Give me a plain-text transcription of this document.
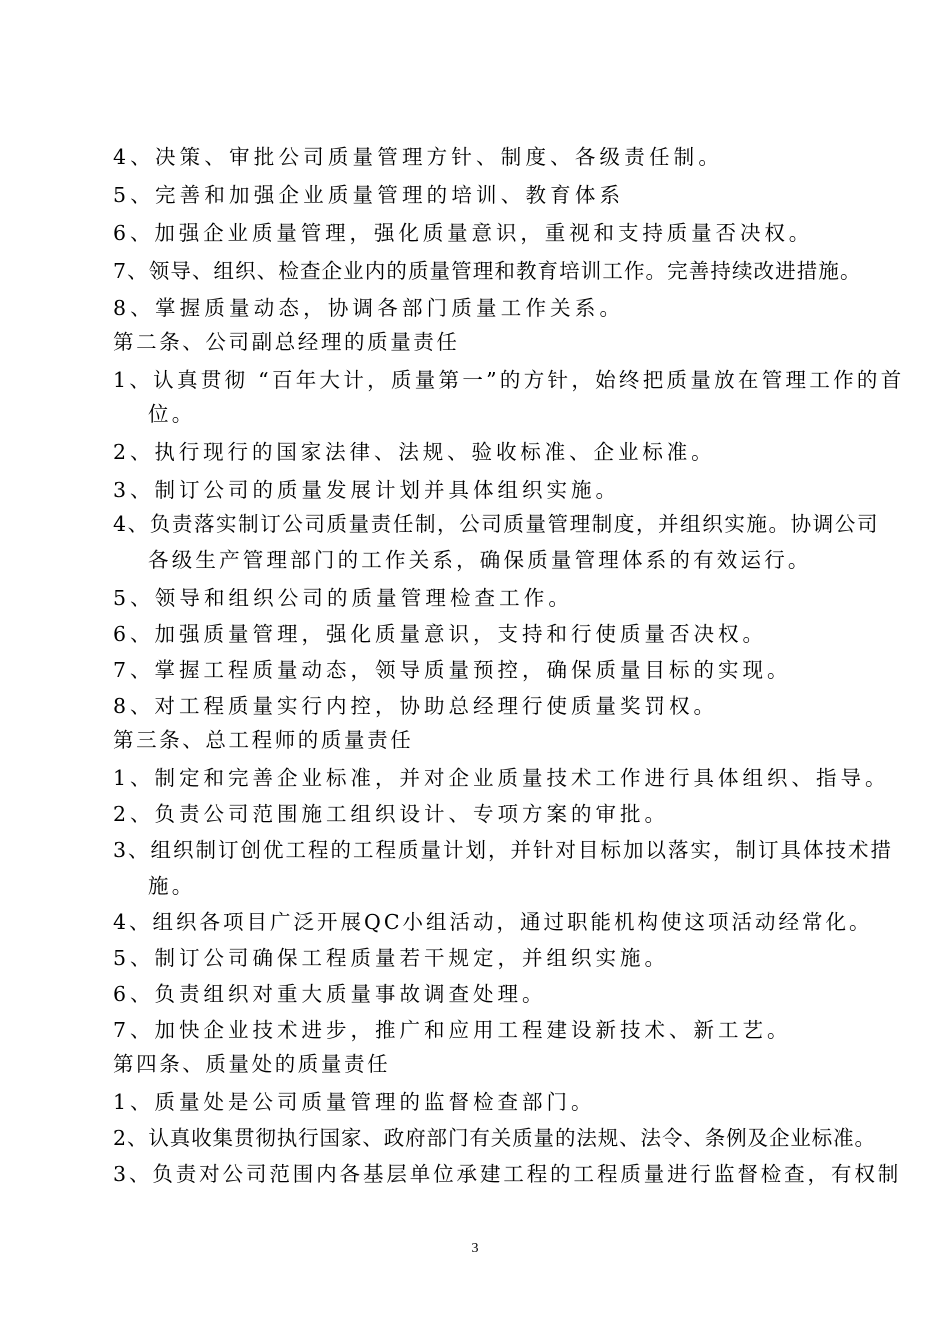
4、决策、审批公司质量管理方针、制度、各级责任制。
5、完善和加强企业质量管理的培训、教育体系
6、加强企业质量管理，强化质量意识，重视和支持质量否决权。
7、领导、组织、检查企业内的质量管理和教育培训工作。完善持续改进措施。
8、掌握质量动态，协调各部门质量工作关系。
第二条、公司副总经理的质量责任
1、认真贯彻 “百年大计，质量第一”的方针，始终把质量放在管理工作的首
位。
2、执行现行的国家法律、法规、验收标准、企业标准。
3、制订公司的质量发展计划并具体组织实施。
4、负责落实制订公司质量责任制，公司质量管理制度，并组织实施。协调公司
各级生产管理部门的工作关系，确保质量管理体系的有效运行。
5、领导和组织公司的质量管理检查工作。
6、加强质量管理，强化质量意识，支持和行使质量否决权。
7、掌握工程质量动态，领导质量预控，确保质量目标的实现。
8、对工程质量实行内控，协助总经理行使质量奖罚权。
第三条、总工程师的质量责任
1、制定和完善企业标准，并对企业质量技术工作进行具体组织、指导。
2、负责公司范围施工组织设计、专项方案的审批。
3、组织制订创优工程的工程质量计划，并针对目标加以落实，制订具体技术措
施。
4、组织各项目广泛开展QC小组活动，通过职能机构使这项活动经常化。
5、制订公司确保工程质量若干规定，并组织实施。
6、负责组织对重大质量事故调查处理。
7、加快企业技术进步，推广和应用工程建设新技术、新工艺。
第四条、质量处的质量责任
1、质量处是公司质量管理的监督检查部门。
2、认真收集贯彻执行国家、政府部门有关质量的法规、法令、条例及企业标准。
3、负责对公司范围内各基层单位承建工程的工程质量进行监督检查，有权制
3
